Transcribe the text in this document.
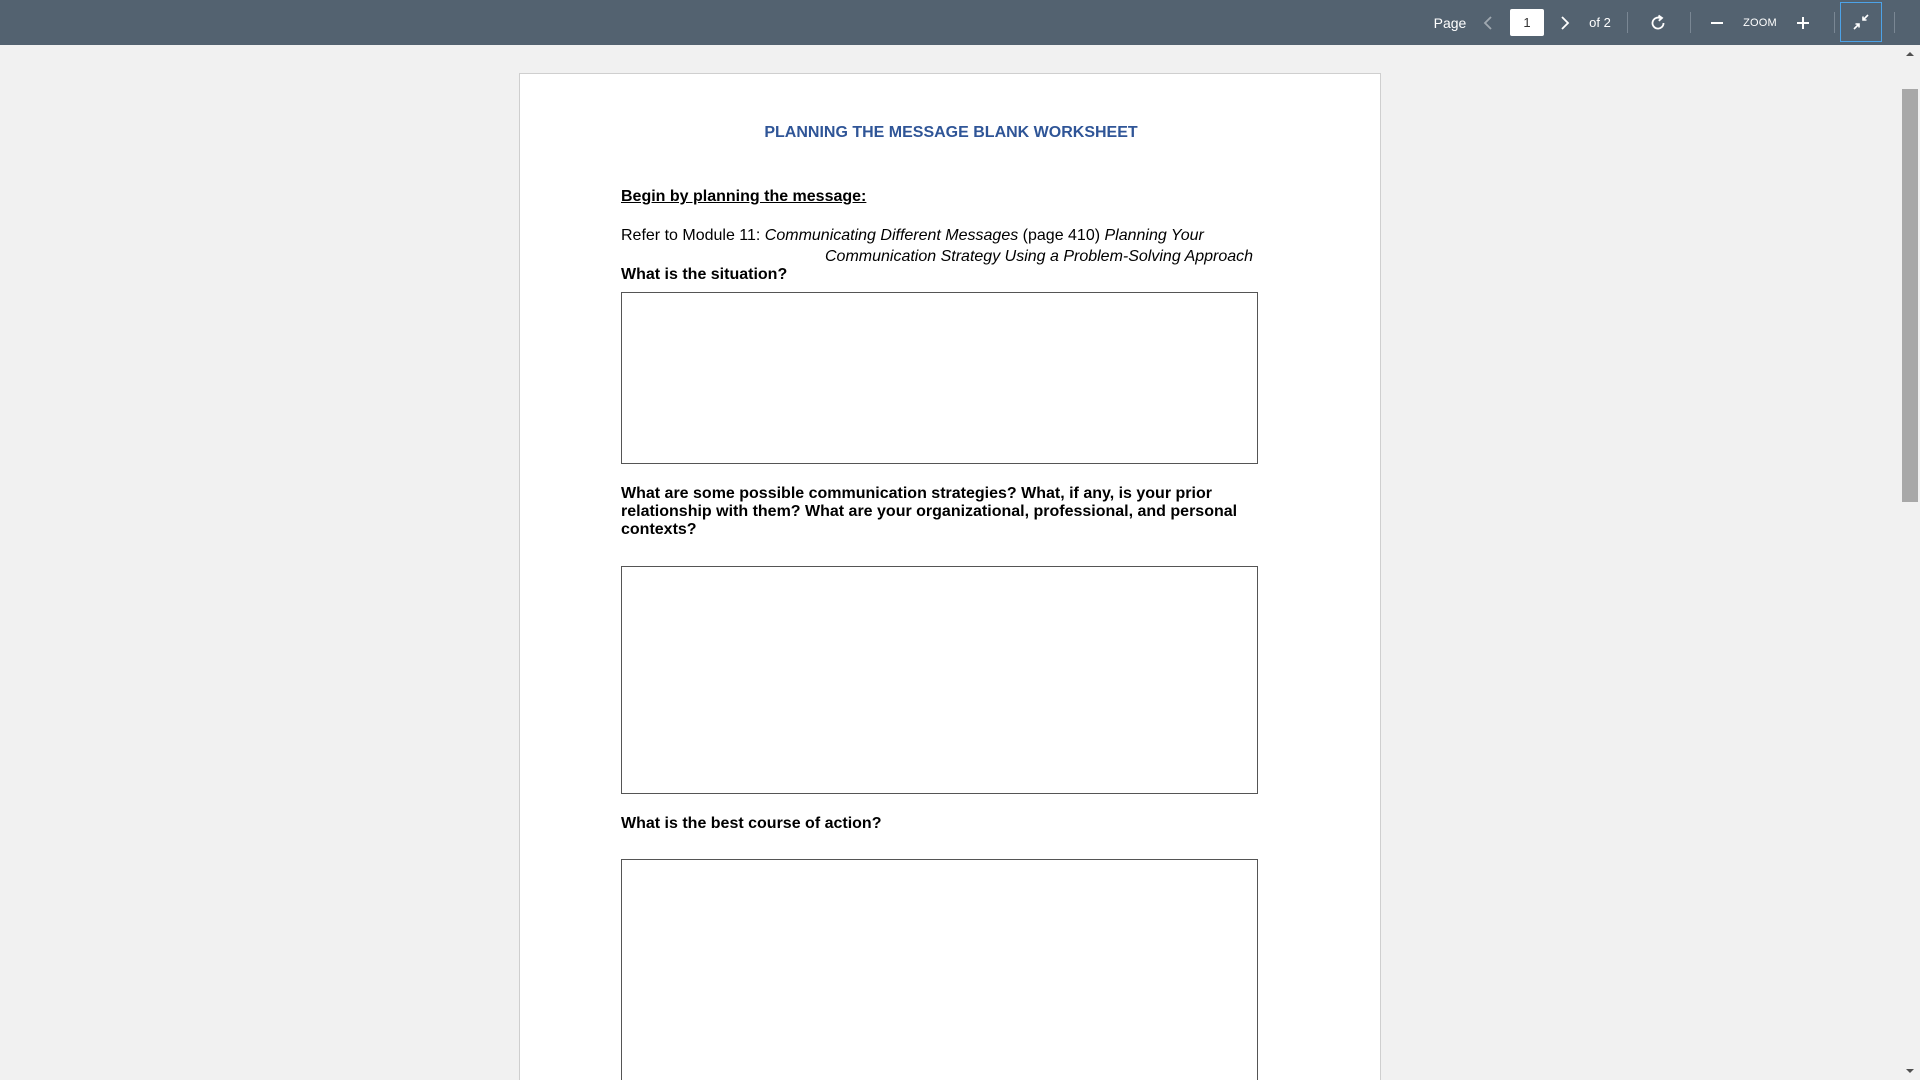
Page
1	of 2	ZOOM
PLANNING THE MESSAGE BLANK WORKSHEET
Begin by planning the message:
Refer to Module 11: Communicating Different Messages (page 410) Planning Your
Communication Strategy Using a Problem-Solving Approach
What is the situation?
What are some possible communication strategies? What, if any, is your prior relationship with them? What are your organizational, professional, and personal contexts?
What is the best course of action?
